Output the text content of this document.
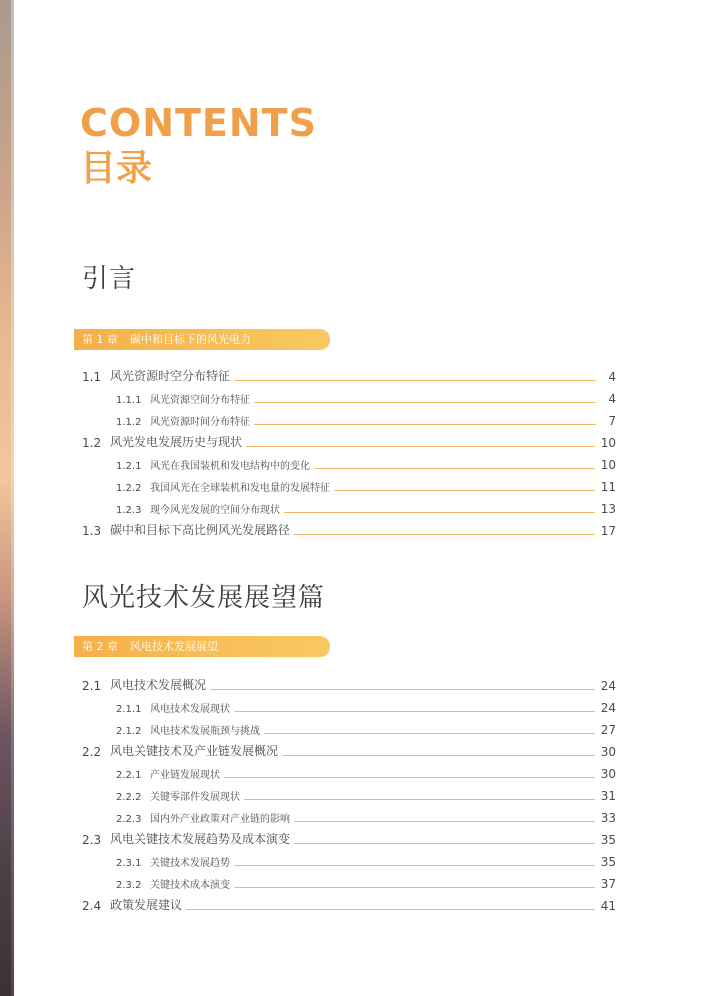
CONTENTS
目录
引言
第 1 章 碳中和目标下的风光电力
1.1 风光资源时空分布特征	4
1.1.1 风光资源空间分布特征	4
1.1.2 风光资源时间分布特征	7
1.2 风光发电发展历史与现状	10
1.2.1 风光在我国装机和发电结构中的变化	10
1.2.2 我国风光在全球装机和发电量的发展特征	11
1.2.3 现今风光发展的空间分布现状	13
1.3 碳中和目标下高比例风光发展路径	17
风光技术发展展望篇
第 2 章 风电技术发展展望
2.1 风电技术发展概况	24
2.1.1 风电技术发展现状	24
2.1.2 风电技术发展瓶颈与挑战	27
2.2 风电关键技术及产业链发展概况	30
2.2.1 产业链发展现状	30
2.2.2 关键零部件发展现状	31
2.2.3 国内外产业政策对产业链的影响	33
2.3 风电关键技术发展趋势及成本演变	35
2.3.1 关键技术发展趋势	35
2.3.2 关键技术成本演变	37
2.4 政策发展建议	41
